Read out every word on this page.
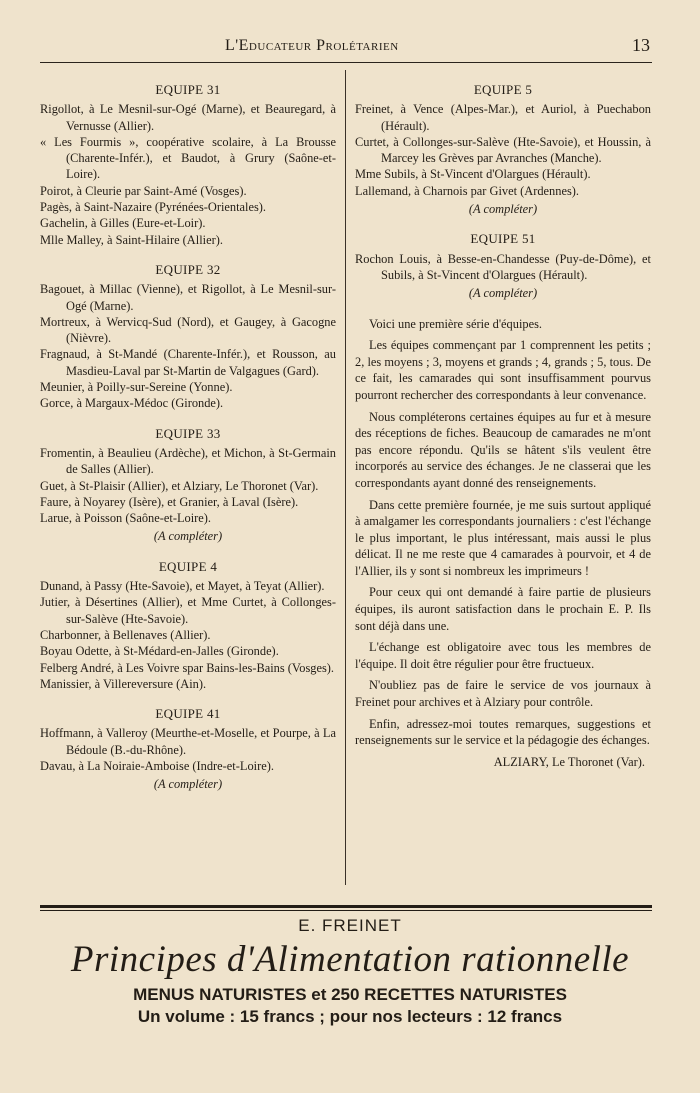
L'Educateur Prolétarien	13
EQUIPE 31
Rigollot, à Le Mesnil-sur-Ogé (Marne), et Beauregard, à Vernusse (Allier).
« Les Fourmis », coopérative scolaire, à La Brousse (Charente-Infér.), et Baudot, à Grury (Saône-et-Loire).
Poirot, à Cleurie par Saint-Amé (Vosges).
Pagès, à Saint-Nazaire (Pyrénées-Orientales).
Gachelin, à Gilles (Eure-et-Loir).
Mlle Malley, à Saint-Hilaire (Allier).
EQUIPE 32
Bagouet, à Millac (Vienne), et Rigollot, à Le Mesnil-sur-Ogé (Marne).
Mortreux, à Wervicq-Sud (Nord), et Gaugey, à Gacogne (Nièvre).
Fragnaud, à St-Mandé (Charente-Infér.), et Rousson, au Masdieu-Laval par St-Martin de Valgagues (Gard).
Meunier, à Poilly-sur-Sereine (Yonne).
Gorce, à Margaux-Médoc (Gironde).
EQUIPE 33
Fromentin, à Beaulieu (Ardèche), et Michon, à St-Germain de Salles (Allier).
Guet, à St-Plaisir (Allier), et Alziary, Le Thoronet (Var).
Faure, à Noyarey (Isère), et Granier, à Laval (Isère).
Larue, à Poisson (Saône-et-Loire).
(A compléter)
EQUIPE 4
Dunand, à Passy (Hte-Savoie), et Mayet, à Teyat (Allier).
Jutier, à Désertines (Allier), et Mme Curtet, à Collonges-sur-Salève (Hte-Savoie).
Charbonner, à Bellenaves (Allier).
Boyau Odette, à St-Médard-en-Jalles (Gironde).
Felberg André, à Les Voivre spar Bains-les-Bains (Vosges).
Manissier, à Villereversure (Ain).
EQUIPE 41
Hoffmann, à Valleroy (Meurthe-et-Moselle, et Pourpe, à La Bédoule (B.-du-Rhône).
Davau, à La Noiraie-Amboise (Indre-et-Loire).
(A compléter)
EQUIPE 5
Freinet, à Vence (Alpes-Mar.), et Auriol, à Puechabon (Hérault).
Curtet, à Collonges-sur-Salève (Hte-Savoie), et Houssin, à Marcey les Grèves par Avranches (Manche).
Mme Subils, à St-Vincent d'Olargues (Hérault).
Lallemand, à Charnois par Givet (Ardennes).
(A compléter)
EQUIPE 51
Rochon Louis, à Besse-en-Chandesse (Puy-de-Dôme), et Subils, à St-Vincent d'Olargues (Hérault).
(A compléter)
Voici une première série d'équipes.
Les équipes commençant par 1 comprennent les petits ; 2, les moyens ; 3, moyens et grands ; 4, grands ; 5, tous. De ce fait, les camarades qui sont insuffisamment pourvus pourront rechercher des correspondants à leur convenance.
Nous compléterons certaines équipes au fur et à mesure des réceptions de fiches. Beaucoup de camarades ne m'ont pas encore répondu. Qu'ils se hâtent s'ils veulent être incorporés au service des échanges. Je ne classerai que les correspondants ayant donné des renseignements.
Dans cette première fournée, je me suis surtout appliqué à amalgamer les correspondants journaliers : c'est l'échange le plus important, le plus intéressant, mais aussi le plus délicat. Il ne me reste que 4 camarades à pourvoir, et 4 de l'Allier, ils y sont si nombreux les imprimeurs !
Pour ceux qui ont demandé à faire partie de plusieurs équipes, ils auront satisfaction dans le prochain E. P. Ils sont déjà dans une.
L'échange est obligatoire avec tous les membres de l'équipe. Il doit être régulier pour être fructueux.
N'oubliez pas de faire le service de vos journaux à Freinet pour archives et à Alziary pour contrôle.
Enfin, adressez-moi toutes remarques, suggestions et renseignements sur le service et la pédagogie des échanges.
ALZIARY, Le Thoronet (Var).
E. FREINET
Principes d'Alimentation rationnelle
MENUS NATURISTES et 250 RECETTES NATURISTES
Un volume : 15 francs ; pour nos lecteurs : 12 francs
